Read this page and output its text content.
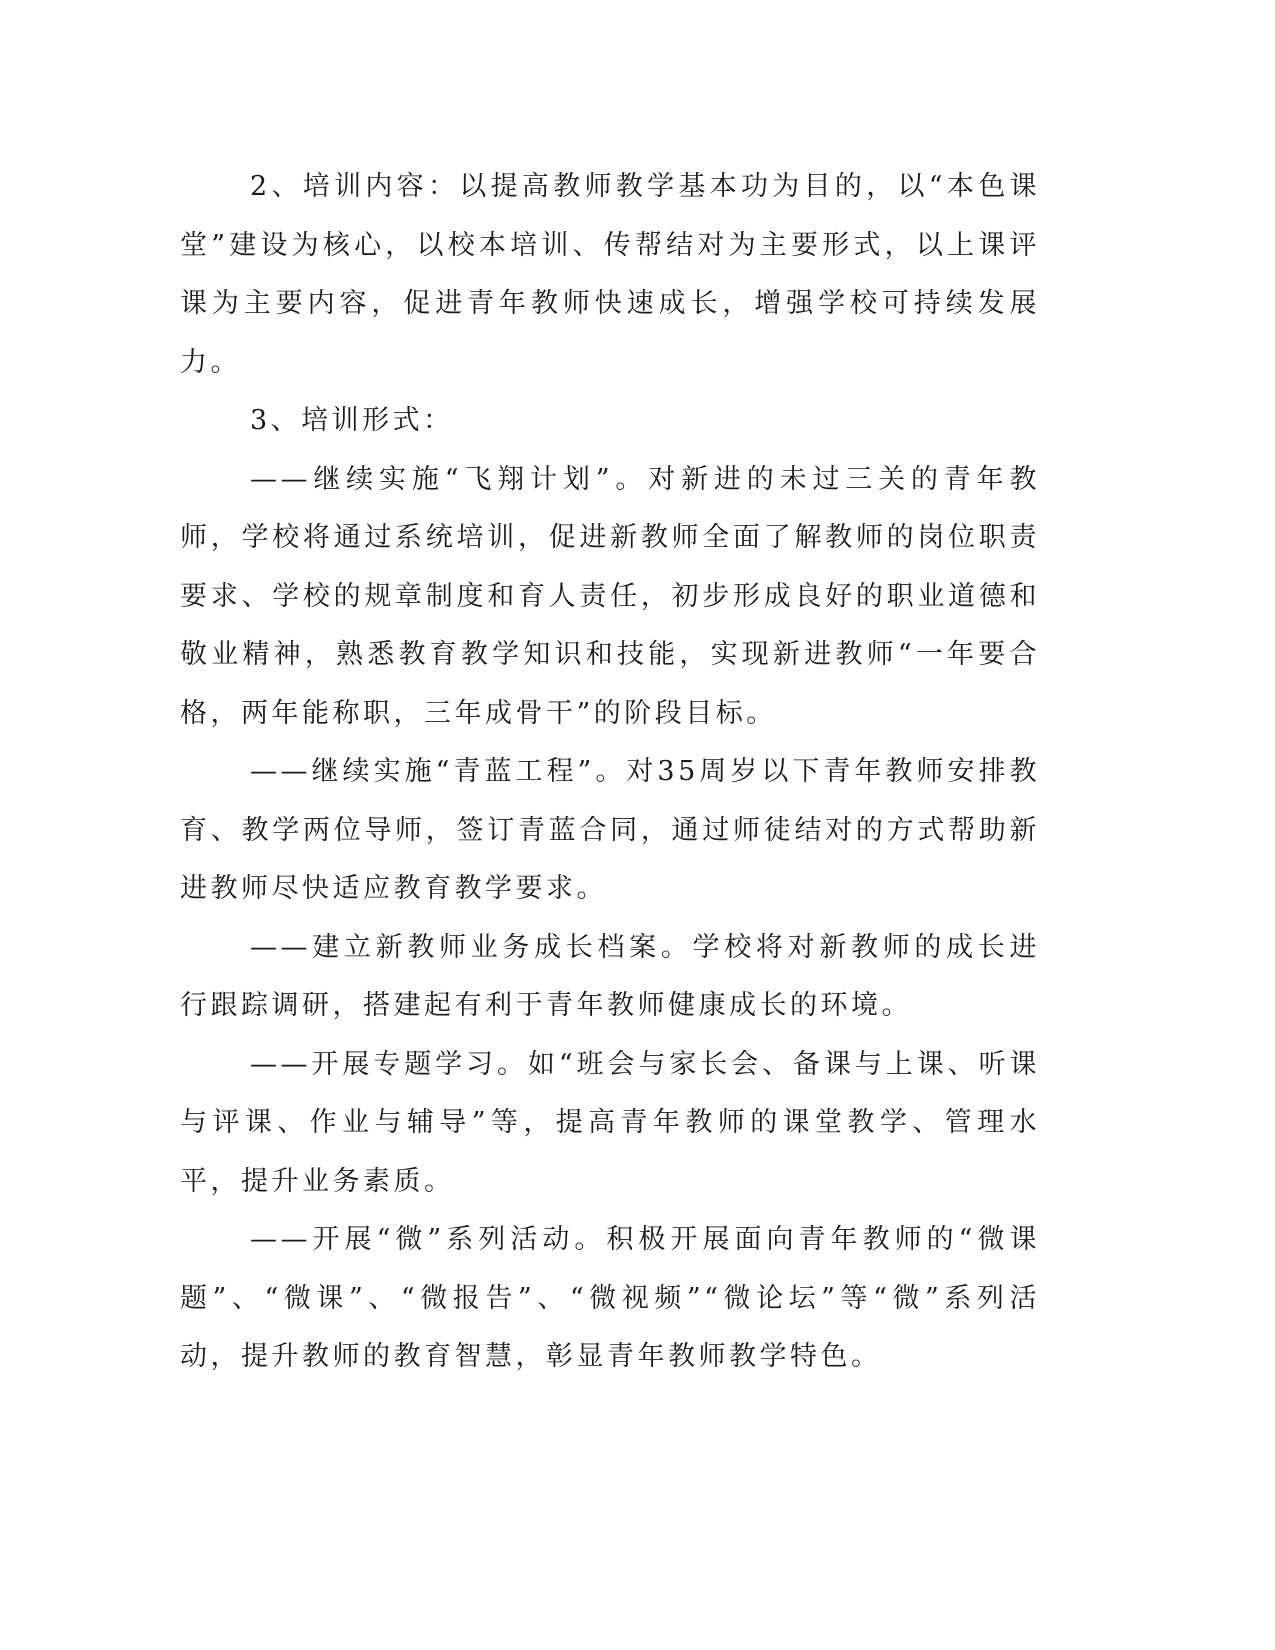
2、培训内容：以提高教师教学基本功为目的，以“本色课堂”建设为核心，以校本培训、传帮结对为主要形式，以上课评课为主要内容，促进青年教师快速成长，增强学校可持续发展力。

3、培训形式：

——继续实施“飞翔计划”。对新进的未过三关的青年教师，学校将通过系统培训，促进新教师全面了解教师的岗位职责要求、学校的规章制度和育人责任，初步形成良好的职业道德和敬业精神，熟悉教育教学知识和技能，实现新进教师“一年要合格，两年能称职，三年成骨干”的阶段目标。

——继续实施“青蓝工程”。对35周岁以下青年教师安排教育、教学两位导师，签订青蓝合同，通过师徒结对的方式帮助新进教师尽快适应教育教学要求。

——建立新教师业务成长档案。学校将对新教师的成长进行跟踪调研，搭建起有利于青年教师健康成长的环境。

——开展专题学习。如“班会与家长会、备课与上课、听课与评课、作业与辅导”等，提高青年教师的课堂教学、管理水平，提升业务素质。

——开展“微”系列活动。积极开展面向青年教师的“微课题”、“微课”、“微报告”、“微视频”“微论坛”等“微”系列活动，提升教师的教育智慧，彰显青年教师教学特色。
